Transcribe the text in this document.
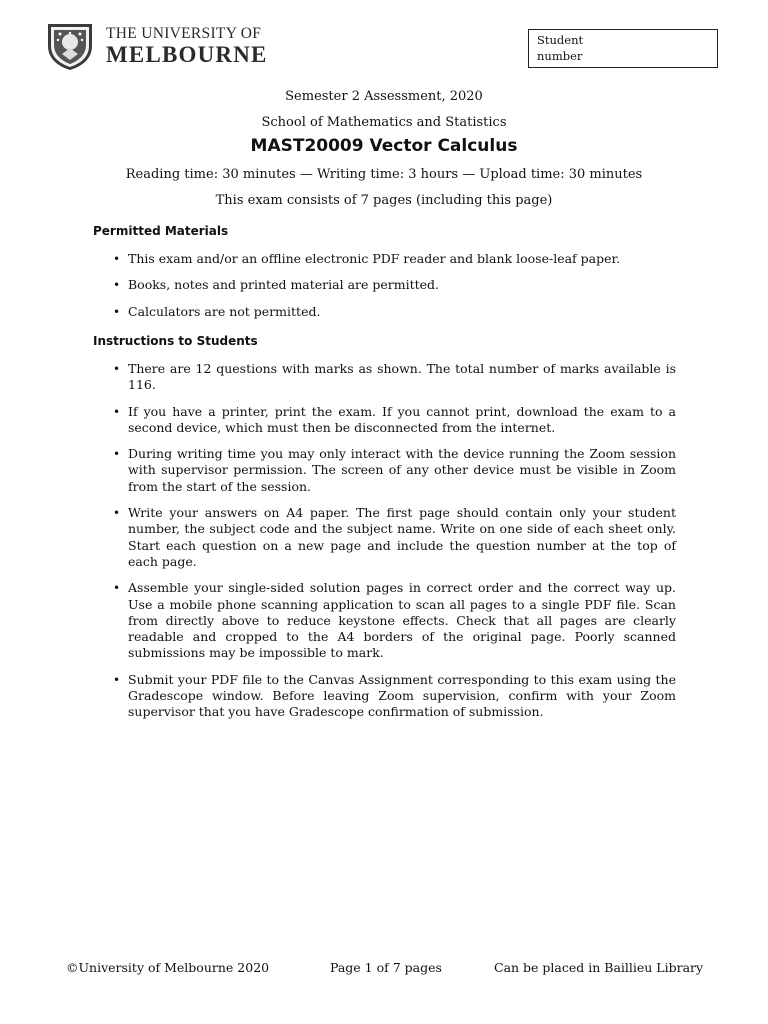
THE UNIVERSITY OF
MELBOURNE
Student
number
Semester 2 Assessment, 2020
School of Mathematics and Statistics
MAST20009 Vector Calculus
Reading time: 30 minutes — Writing time: 3 hours — Upload time: 30 minutes
This exam consists of 7 pages (including this page)
Permitted Materials
• This exam and/or an offline electronic PDF reader and blank loose-leaf paper.
• Books, notes and printed material are permitted.
• Calculators are not permitted.
Instructions to Students
• There are 12 questions with marks as shown. The total number of marks available is 116.
• If you have a printer, print the exam. If you cannot print, download the exam to a second device, which must then be disconnected from the internet.
• During writing time you may only interact with the device running the Zoom session with supervisor permission. The screen of any other device must be visible in Zoom from the start of the session.
• Write your answers on A4 paper. The first page should contain only your student number, the subject code and the subject name. Write on one side of each sheet only. Start each question on a new page and include the question number at the top of each page.
• Assemble your single-sided solution pages in correct order and the correct way up. Use a mobile phone scanning application to scan all pages to a single PDF file. Scan from directly above to reduce keystone effects. Check that all pages are clearly readable and cropped to the A4 borders of the original page. Poorly scanned submissions may be impossible to mark.
• Submit your PDF file to the Canvas Assignment corresponding to this exam using the Gradescope window. Before leaving Zoom supervision, confirm with your Zoom supervisor that you have Gradescope confirmation of submission.
©University of Melbourne 2020	Page 1 of 7 pages	Can be placed in Baillieu Library
